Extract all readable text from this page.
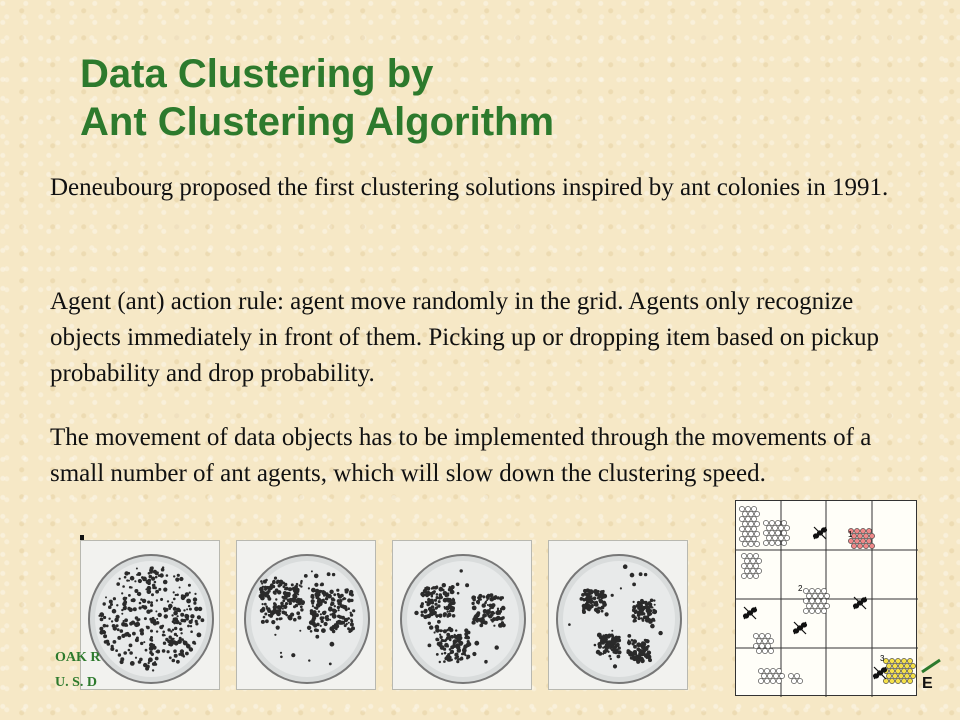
Data Clustering by
Ant Clustering Algorithm
Deneubourg proposed the first clustering solutions inspired by ant colonies in 1991.
Agent (ant) action rule: agent move randomly in the grid. Agents only recognize objects immediately in front of them. Picking up or dropping item based on pickup probability and drop probability.
The movement of data objects has to be implemented through the movements of a small number of ant agents, which will slow down the clustering speed.
OAK R
U. S. D
1
2
3
E
